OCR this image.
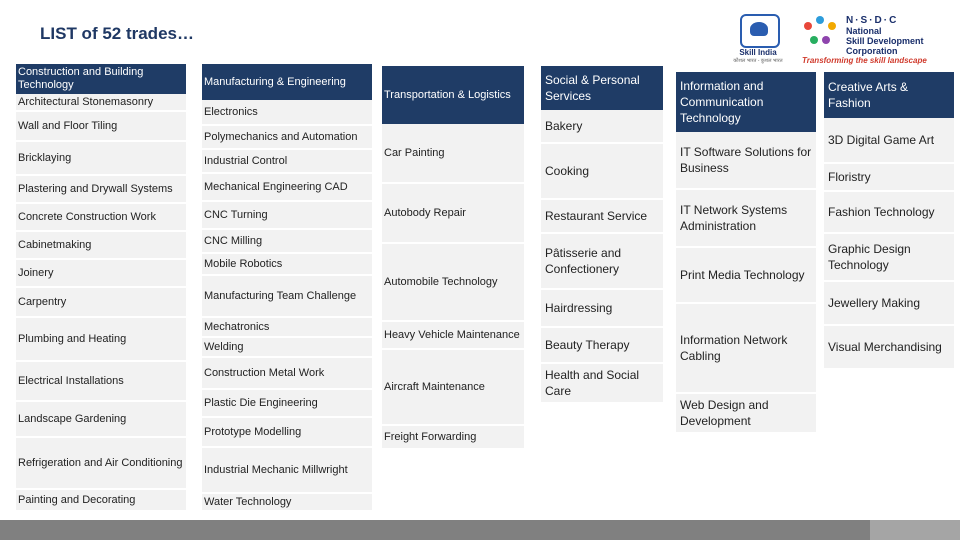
LIST of 52 trades…
Skill India
कौशल भारत - कुशल भारत
N·S·D·C
National
Skill Development
Corporation
Transforming the skill landscape
Construction and Building Technology
Architectural Stonemasonry
Wall and Floor Tiling
Bricklaying
Plastering and Drywall Systems
Concrete Construction Work
Cabinetmaking
Joinery
Carpentry
Plumbing and Heating
Electrical Installations
Landscape Gardening
Refrigeration and Air Conditioning
Painting and Decorating
Manufacturing & Engineering
Electronics
Polymechanics and Automation
Industrial Control
Mechanical Engineering CAD
CNC Turning
CNC Milling
Mobile Robotics
Manufacturing Team Challenge
Mechatronics
Welding
Construction Metal Work
Plastic Die Engineering
Prototype Modelling
Industrial Mechanic Millwright
Water Technology
Transportation & Logistics
Car Painting
Autobody Repair
Automobile Technology
Heavy Vehicle Maintenance
Aircraft Maintenance
Freight Forwarding
Social & Personal Services
Bakery
Cooking
Restaurant Service
Pâtisserie and Confectionery
Hairdressing
Beauty Therapy
Health and Social Care
Information and Communication Technology
IT Software Solutions for Business
IT Network Systems Administration
Print Media Technology
Information Network Cabling
Web Design and Development
Creative Arts & Fashion
3D Digital Game Art
Floristry
Fashion Technology
Graphic Design Technology
Jewellery Making
Visual Merchandising
